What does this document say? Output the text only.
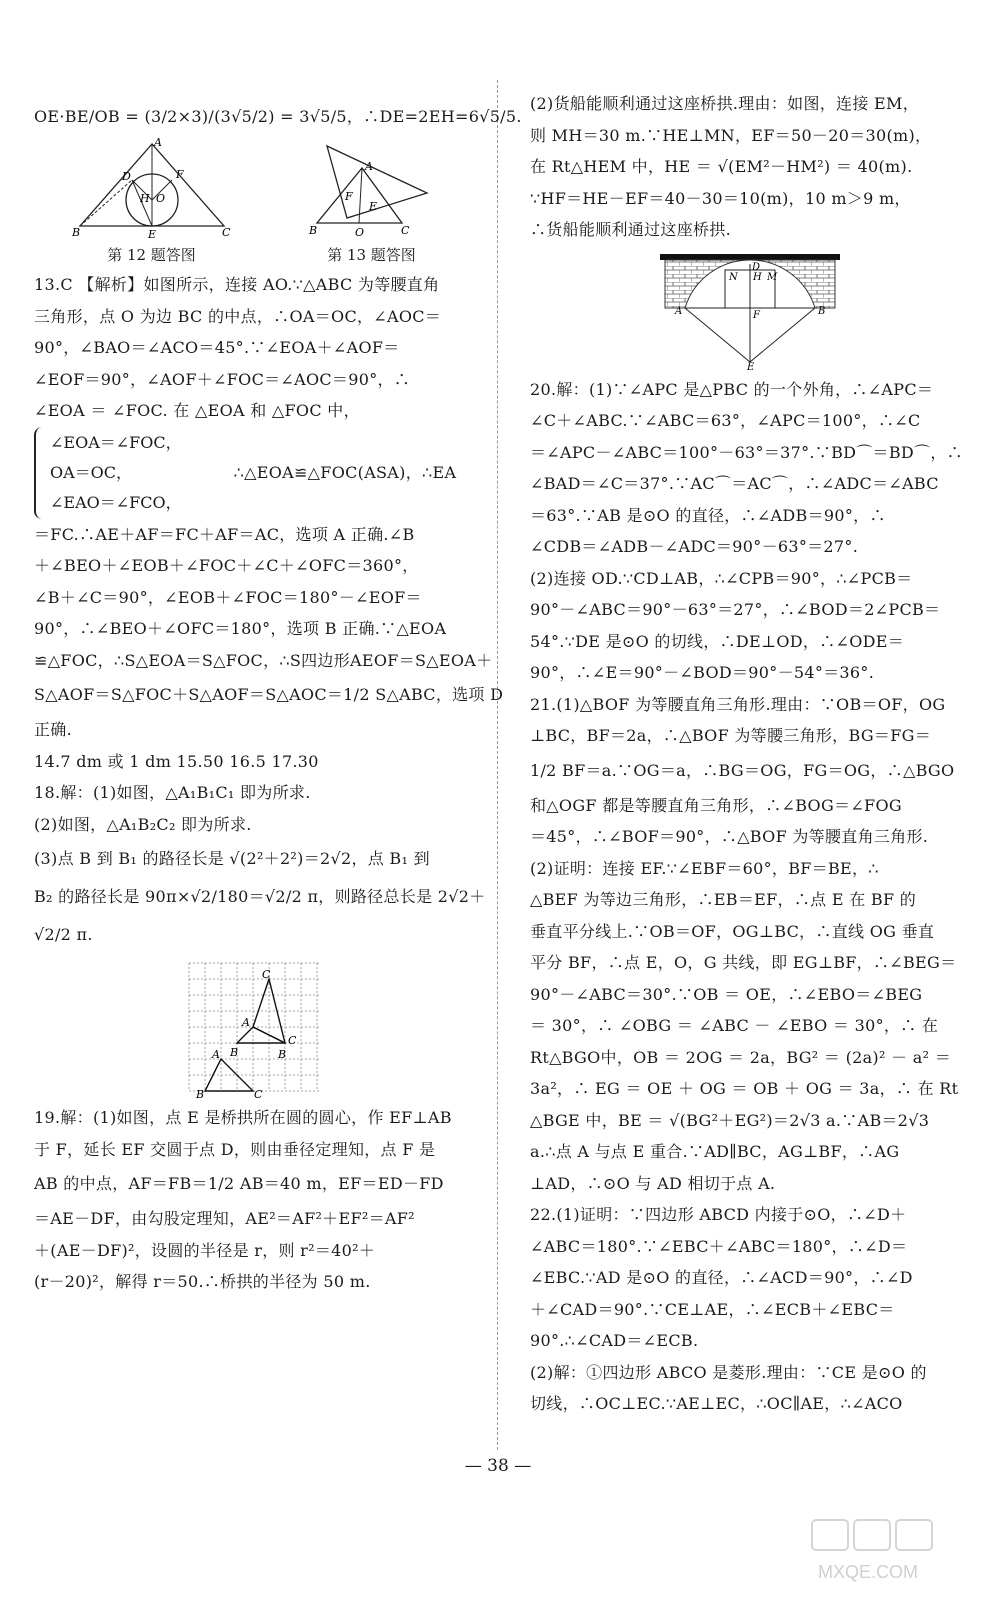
OE·BE/OB = (3/2×3)/(3√5/2) = 3√5/5，∴DE=2EH=6√5/5.
A
D	F
H O
B	E	C
第 12 题答图
A
F
E
B	O	C
第 13 题答图
13.C 【解析】如图所示，连接 AO.∵△ABC 为等腰直角
三角形，点 O 为边 BC 的中点，∴OA＝OC，∠AOC＝
90°，∠BAO＝∠ACO＝45°.∵∠EOA＋∠AOF＝
∠EOF＝90°，∠AOF＋∠FOC＝∠AOC＝90°，∴
∠EOA ＝ ∠FOC. 在 △EOA 和 △FOC 中，
∠EOA＝∠FOC，
OA＝OC，
∠EAO＝∠FCO，
∴△EOA≌△FOC(ASA)，∴EA
＝FC.∴AE＋AF＝FC＋AF＝AC，选项 A 正确.∠B
＋∠BEO＋∠EOB＋∠FOC＋∠C＋∠OFC＝360°，
∠B＋∠C＝90°，∠EOB＋∠FOC＝180°－∠EOF＝
90°，∴∠BEO＋∠OFC＝180°，选项 B 正确.∵△EOA
≌△FOC，∴S△EOA＝S△FOC，∴S四边形AEOF＝S△EOA＋
S△AOF＝S△FOC＋S△AOF＝S△AOC＝1/2 S△ABC，选项 D
正确.
14.7 dm 或 1 dm 15.50 16.5 17.30
18.解：(1)如图，△A₁B₁C₁ 即为所求.
(2)如图，△A₁B₂C₂ 即为所求.
(3)点 B 到 B₁ 的路径长是 √(2²＋2²)＝2√2，点 B₁ 到
B₂ 的路径长是 90π×√2/180＝√2/2 π，则路径总长是 2√2＋
√2/2 π.
C
A
C
B	B
A
B	C
19.解：(1)如图，点 E 是桥拱所在圆的圆心，作 EF⊥AB
于 F，延长 EF 交圆于点 D，则由垂径定理知，点 F 是
AB 的中点，AF＝FB＝1/2 AB＝40 m，EF＝ED－FD
＝AE－DF，由勾股定理知，AE²＝AF²＋EF²＝AF²
＋(AE－DF)²，设圆的半径是 r，则 r²＝40²＋
(r－20)²，解得 r＝50.∴桥拱的半径为 50 m.
(2)货船能顺利通过这座桥拱.理由：如图，连接 EM，
则 MH＝30 m.∵HE⊥MN，EF＝50－20＝30(m)，
在 Rt△HEM 中，HE ＝ √(EM²－HM²) ＝ 40(m).
∵HF＝HE－EF＝40－30＝10(m)，10 m＞9 m，
∴货船能顺利通过这座桥拱.
A	B
D
N H M
F
E
20.解：(1)∵∠APC 是△PBC 的一个外角，∴∠APC＝
∠C＋∠ABC.∵∠ABC＝63°，∠APC＝100°，∴∠C
＝∠APC－∠ABC＝100°－63°＝37°.∵BD⌒＝BD⌒，∴
∠BAD＝∠C＝37°.∵AC⌒＝AC⌒，∴∠ADC＝∠ABC
＝63°.∵AB 是⊙O 的直径，∴∠ADB＝90°，∴
∠CDB＝∠ADB－∠ADC＝90°－63°＝27°.
(2)连接 OD.∵CD⊥AB，∴∠CPB＝90°，∴∠PCB＝
90°－∠ABC＝90°－63°＝27°，∴∠BOD＝2∠PCB＝
54°.∵DE 是⊙O 的切线，∴DE⊥OD，∴∠ODE＝
90°，∴∠E＝90°－∠BOD＝90°－54°＝36°.
21.(1)△BOF 为等腰直角三角形.理由：∵OB＝OF，OG
⊥BC，BF＝2a，∴△BOF 为等腰三角形，BG＝FG＝
1/2 BF＝a.∵OG＝a，∴BG＝OG，FG＝OG，∴△BGO
和△OGF 都是等腰直角三角形，∴∠BOG＝∠FOG
＝45°，∴∠BOF＝90°，∴△BOF 为等腰直角三角形.
(2)证明：连接 EF.∵∠EBF＝60°，BF＝BE，∴
△BEF 为等边三角形，∴EB＝EF，∴点 E 在 BF 的
垂直平分线上.∵OB＝OF，OG⊥BC，∴直线 OG 垂直
平分 BF，∴点 E，O，G 共线，即 EG⊥BF，∴∠BEG＝
90°－∠ABC＝30°.∵OB ＝ OE，∴∠EBO＝∠BEG
＝ 30°，∴ ∠OBG ＝ ∠ABC － ∠EBO ＝ 30°，∴ 在
Rt△BGO中，OB ＝ 2OG ＝ 2a，BG² ＝ (2a)² － a² ＝
3a²，∴ EG ＝ OE ＋ OG ＝ OB ＋ OG ＝ 3a，∴ 在 Rt
△BGE 中，BE ＝ √(BG²＋EG²)＝2√3 a.∵AB＝2√3
a.∴点 A 与点 E 重合.∵AD∥BC，AG⊥BF，∴AG
⊥AD，∴⊙O 与 AD 相切于点 A.
22.(1)证明：∵四边形 ABCD 内接于⊙O，∴∠D＋
∠ABC＝180°.∵∠EBC＋∠ABC＝180°，∴∠D＝
∠EBC.∵AD 是⊙O 的直径，∴∠ACD＝90°，∴∠D
＋∠CAD＝90°.∵CE⊥AE，∴∠ECB＋∠EBC＝
90°.∴∠CAD＝∠ECB.
(2)解：①四边形 ABCO 是菱形.理由：∵CE 是⊙O 的
切线，∴OC⊥EC.∵AE⊥EC，∴OC∥AE，∴∠ACO
— 38 —
MXQE.COM
